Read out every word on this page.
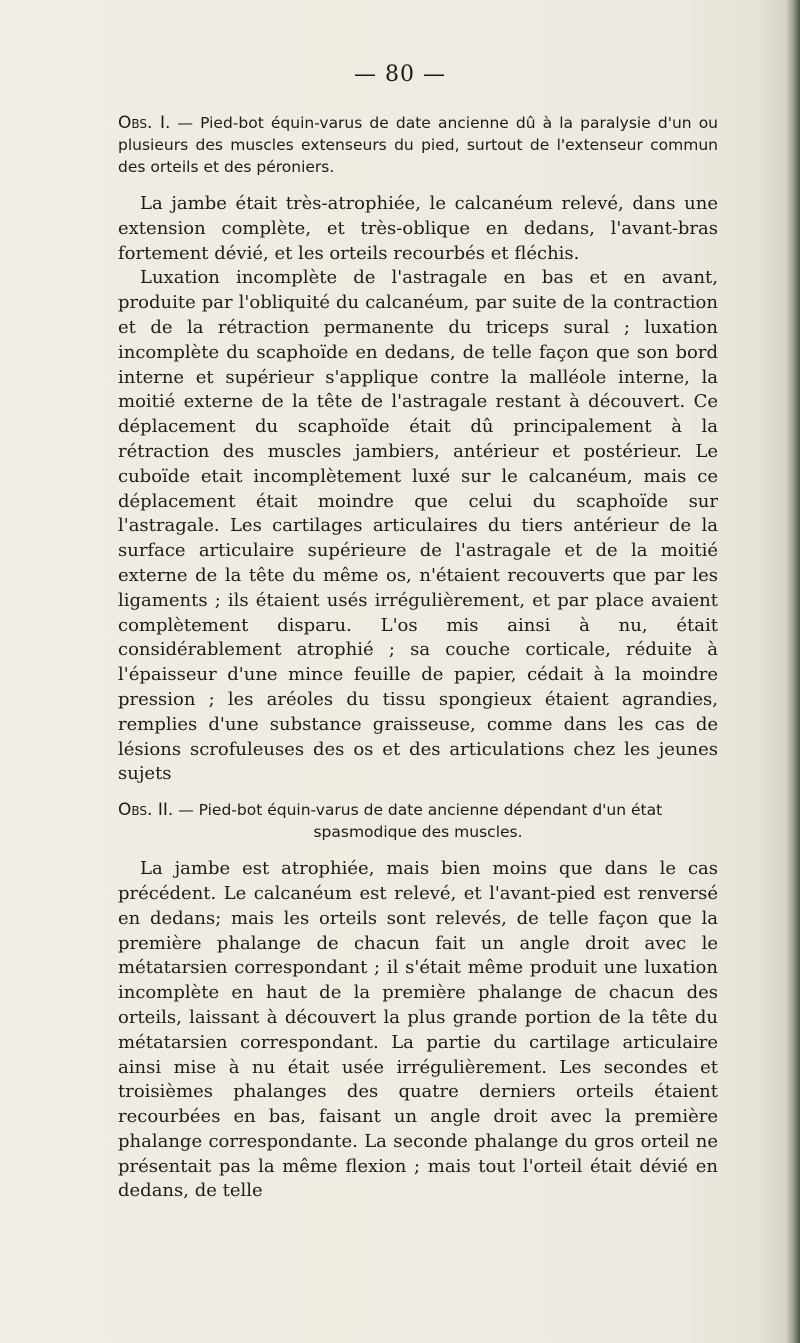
— 80 —

Obs. I. — Pied-bot équin-varus de date ancienne dû à la paralysie d'un ou plusieurs des muscles extenseurs du pied, surtout de l'extenseur commun des orteils et des péroniers.

La jambe était très-atrophiée, le calcanéum relevé, dans une extension complète, et très-oblique en dedans, l'avant-bras fortement dévié, et les orteils recourbés et fléchis.

Luxation incomplète de l'astragale en bas et en avant, produite par l'obliquité du calcanéum, par suite de la contraction et de la rétraction permanente du triceps sural ; luxation incomplète du scaphoïde en dedans, de telle façon que son bord interne et supérieur s'applique contre la malléole interne, la moitié externe de la tête de l'astragale restant à découvert. Ce déplacement du scaphoïde était dû principalement à la rétraction des muscles jambiers, antérieur et postérieur. Le cuboïde etait incomplètement luxé sur le calcanéum, mais ce déplacement était moindre que celui du scaphoïde sur l'astragale. Les cartilages articulaires du tiers antérieur de la surface articulaire supérieure de l'astragale et de la moitié externe de la tête du même os, n'étaient recouverts que par les ligaments ; ils étaient usés irrégulièrement, et par place avaient complètement disparu. L'os mis ainsi à nu, était considérablement atrophié ; sa couche corticale, réduite à l'épaisseur d'une mince feuille de papier, cédait à la moindre pression ; les aréoles du tissu spongieux étaient agrandies, remplies d'une substance graisseuse, comme dans les cas de lésions scrofuleuses des os et des articulations chez les jeunes sujets

Obs. II. — Pied-bot équin-varus de date ancienne dépendant d'un état
spasmodique des muscles.

La jambe est atrophiée, mais bien moins que dans le cas précédent. Le calcanéum est relevé, et l'avant-pied est renversé en dedans; mais les orteils sont relevés, de telle façon que la première phalange de chacun fait un angle droit avec le métatarsien correspondant ; il s'était même produit une luxation incomplète en haut de la première phalange de chacun des orteils, laissant à découvert la plus grande portion de la tête du métatarsien correspondant. La partie du cartilage articulaire ainsi mise à nu était usée irrégulièrement. Les secondes et troisièmes phalanges des quatre derniers orteils étaient recourbées en bas, faisant un angle droit avec la première phalange correspondante. La seconde phalange du gros orteil ne présentait pas la même flexion ; mais tout l'orteil était dévié en dedans, de telle
